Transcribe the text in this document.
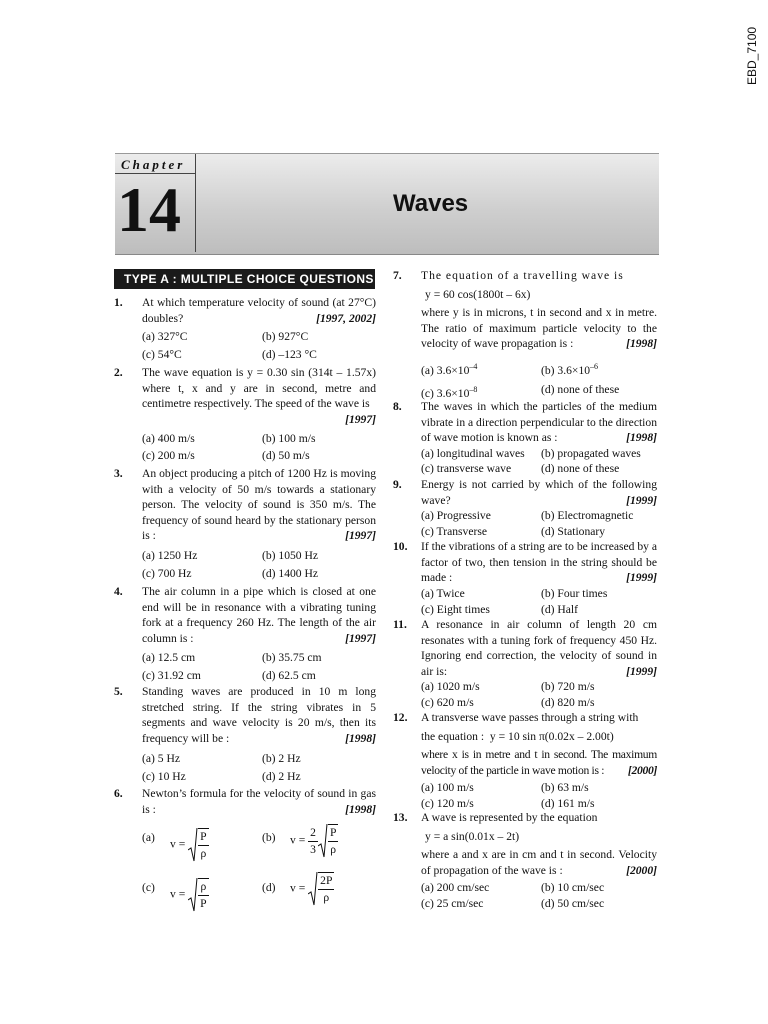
EBD_7100
Chapter
14	Waves
TYPE A : MULTIPLE CHOICE QUESTIONS
1. At which temperature velocity of sound (at 27°C) doubles?	[1997, 2002]
(a) 327°C	(b) 927°C
(c) 54°C	(d) –123 °C
2. The wave equation is y = 0.30 sin (314t – 1.57x) where t, x and y are in second, metre and centimetre respectively. The speed of the wave is
[1997]
(a) 400 m/s	(b) 100 m/s
(c) 200 m/s	(d) 50 m/s
3. An object producing a pitch of 1200 Hz is moving with a velocity of 50 m/s towards a stationary person. The velocity of sound is 350 m/s. The frequency of sound heard by the stationary person is :	[1997]
(a) 1250 Hz	(b) 1050 Hz
(c) 700 Hz	(d) 1400 Hz
4. The air column in a pipe which is closed at one end will be in resonance with a vibrating tuning fork at a frequency 260 Hz. The length of the air column is :	[1997]
(a) 12.5 cm	(b) 35.75 cm
(c) 31.92 cm	(d) 62.5 cm
5. Standing waves are produced in 10 m long stretched string. If the string vibrates in 5 segments and wave velocity is 20 m/s, then its frequency will be :	[1998]
(a) 5 Hz	(b) 2 Hz
(c) 10 Hz	(d) 2 Hz
6. Newton’s formula for the velocity of sound in gas is :	[1998]
(a)
$v = \frac{P}{\rho}$	(b) $v = \frac{2}{3} \frac{P}{\rho}$
(c)
$v = \frac{\rho}{P}$	(d) $v = \frac{2P}{\rho}$
7. The equation of a travelling wave is
y = 60 cos(1800t – 6x)
where y is in microns, t in second and x in metre. The ratio of maximum particle velocity to the velocity of wave propagation is :	[1998]
(a) $3.6\times 10^{-4}$	(b) $3.6\times 10^{-6}$
(c) $3.6\times 10^{-8}$	(d) none of these
8. The waves in which the particles of the medium vibrate in a direction perpendicular to the direction of wave motion is known as :	[1998]
(a) longitudinal waves (b) propagated waves
(c) transverse wave	(d) none of these
9. Energy is not carried by which of the following wave?	[1999]
(a) Progressive	(b) Electromagnetic
(c) Transverse	(d) Stationary
10. If the vibrations of a string are to be increased by a factor of two, then tension in the string should be made :	[1999]
(a) Twice	(b) Four times
(c) Eight times	(d) Half
11. A resonance in air column of length 20 cm resonates with a tuning fork of frequency 450 Hz. Ignoring end correction, the velocity of sound in air is:	[1999]
(a) 1020 m/s	(b) 720 m/s
(c) 620 m/s	(d) 820 m/s
12. A transverse wave passes through a string with
the equation : y = 10 sin π(0.02x – 2.00t)
where x is in metre and t in second. The maximum velocity of the particle in wave motion is : [2000]
(a) 100 m/s	(b) 63 m/s
(c) 120 m/s	(d) 161 m/s
13. A wave is represented by the equation
y = a sin(0.01x – 2t)
where a and x are in cm and t in second. Velocity of propagation of the wave is :	[2000]
(a) 200 cm/sec	(b) 10 cm/sec
(c) 25 cm/sec	(d) 50 cm/sec
